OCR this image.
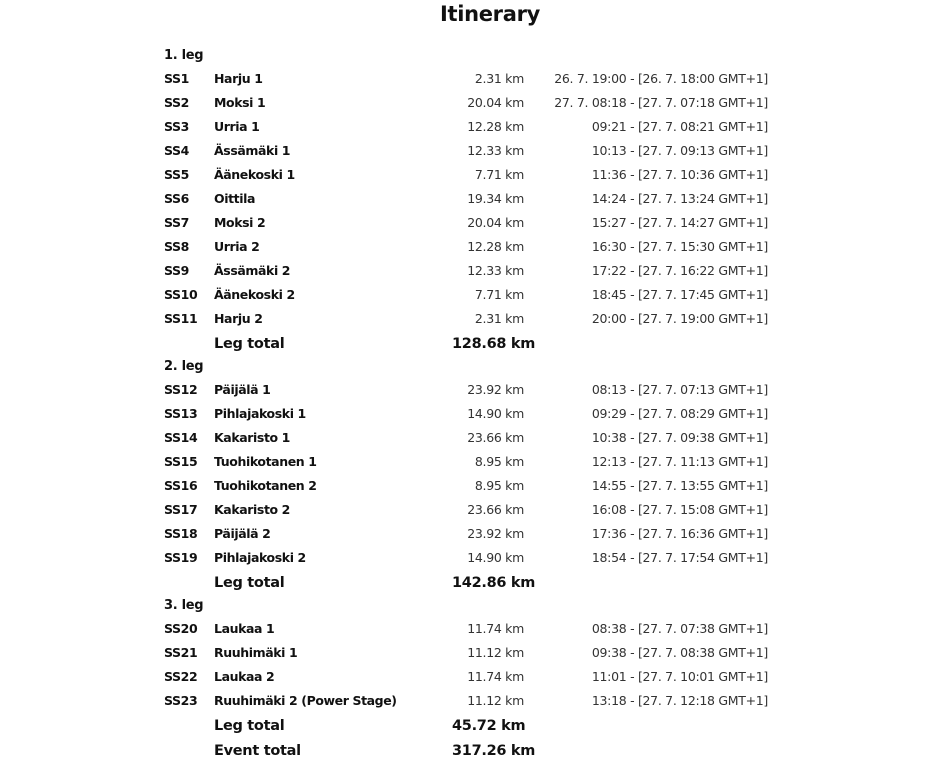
Itinerary
1. leg
SS1 Harju 1	2.31 km 26. 7. 19:00 - [26. 7. 18:00 GMT+1]
SS2 Moksi 1	20.04 km 27. 7. 08:18 - [27. 7. 07:18 GMT+1]
SS3 Urria 1	12.28 km	09:21 - [27. 7. 08:21 GMT+1]
SS4 Ässämäki 1	12.33 km	10:13 - [27. 7. 09:13 GMT+1]
SS5 Äänekoski 1	7.71 km	11:36 - [27. 7. 10:36 GMT+1]
SS6 Oittila	19.34 km	14:24 - [27. 7. 13:24 GMT+1]
SS7 Moksi 2	20.04 km	15:27 - [27. 7. 14:27 GMT+1]
SS8 Urria 2	12.28 km	16:30 - [27. 7. 15:30 GMT+1]
SS9 Ässämäki 2	12.33 km	17:22 - [27. 7. 16:22 GMT+1]
SS10 Äänekoski 2	7.71 km	18:45 - [27. 7. 17:45 GMT+1]
SS11 Harju 2	2.31 km	20:00 - [27. 7. 19:00 GMT+1]
Leg total	128.68 km
2. leg
SS12 Päijälä 1	23.92 km	08:13 - [27. 7. 07:13 GMT+1]
SS13 Pihlajakoski 1	14.90 km	09:29 - [27. 7. 08:29 GMT+1]
SS14 Kakaristo 1	23.66 km	10:38 - [27. 7. 09:38 GMT+1]
SS15 Tuohikotanen 1	8.95 km	12:13 - [27. 7. 11:13 GMT+1]
SS16 Tuohikotanen 2	8.95 km	14:55 - [27. 7. 13:55 GMT+1]
SS17 Kakaristo 2	23.66 km	16:08 - [27. 7. 15:08 GMT+1]
SS18 Päijälä 2	23.92 km	17:36 - [27. 7. 16:36 GMT+1]
SS19 Pihlajakoski 2	14.90 km	18:54 - [27. 7. 17:54 GMT+1]
Leg total	142.86 km
3. leg
SS20 Laukaa 1	11.74 km	08:38 - [27. 7. 07:38 GMT+1]
SS21 Ruuhimäki 1	11.12 km	09:38 - [27. 7. 08:38 GMT+1]
SS22 Laukaa 2	11.74 km	11:01 - [27. 7. 10:01 GMT+1]
SS23 Ruuhimäki 2 (Power Stage)	11.12 km	13:18 - [27. 7. 12:18 GMT+1]
Leg total	45.72 km
Event total	317.26 km
